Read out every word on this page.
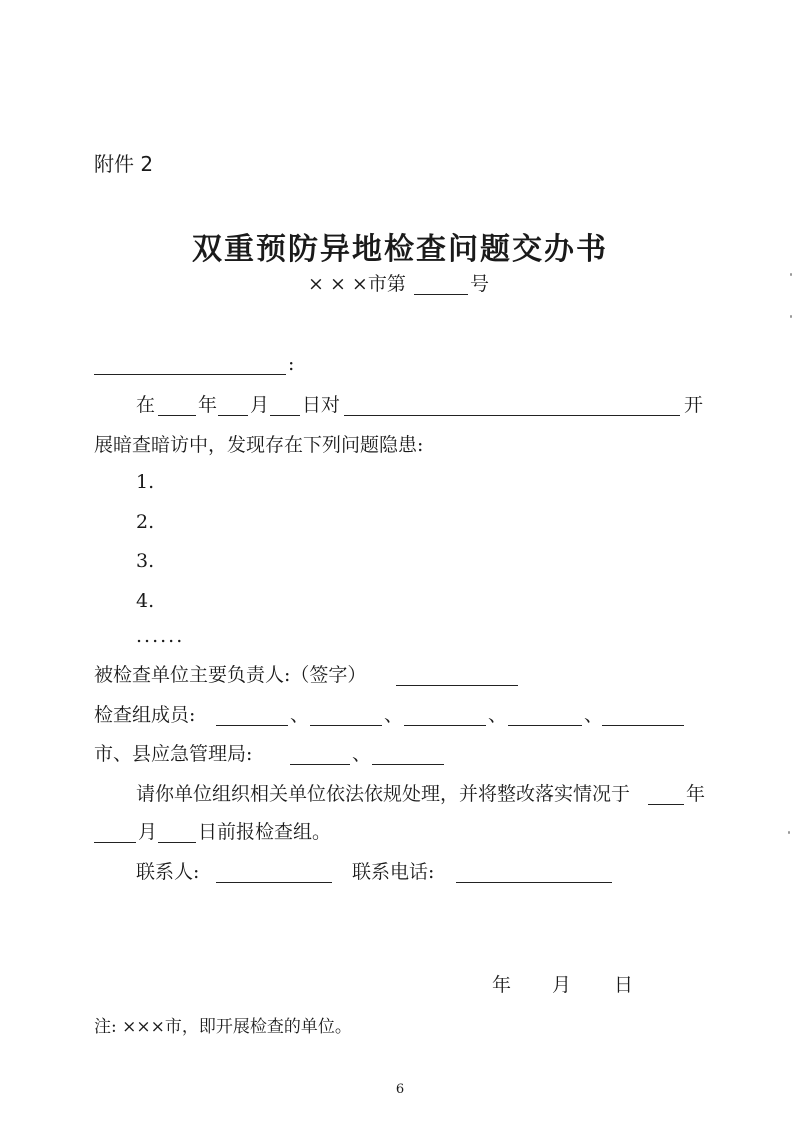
附件 2
双重预防异地检查问题交办书
× × ×市第	号
:
在 年 月 日对	开
展暗查暗访中，发现存在下列问题隐患:
1.
2.
3.
4.
......
被检查单位主要负责人:（签字）
检查组成员:	、	、	、	、
市、县应急管理局:	、
请你单位组织相关单位依法依规处理，并将整改落实情况于	年
月 日前报检查组。
联系人:	联系电话:
年 月 日
注: ×××市，即开展检查的单位。
6
